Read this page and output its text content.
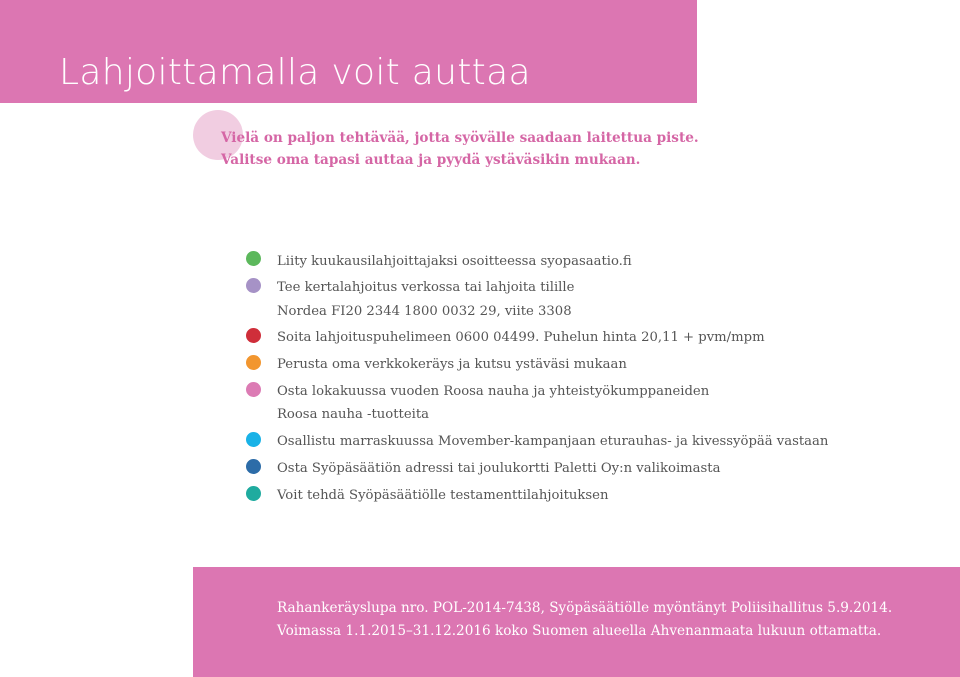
Lahjoittamalla voit auttaa
Vielä on paljon tehtävää, jotta syövälle saadaan laitettua piste.
Valitse oma tapasi auttaa ja pyydä ystäväsikin mukaan.
Liity kuukausilahjoittajaksi osoitteessa syopasaatio.fi
Tee kertalahjoitus verkossa tai lahjoita tilille
Nordea FI20 2344 1800 0032 29, viite 3308
Soita lahjoituspuhelimeen 0600 04499. Puhelun hinta 20,11 + pvm/mpm
Perusta oma verkkokeräys ja kutsu ystäväsi mukaan
Osta lokakuussa vuoden Roosa nauha ja yhteistyökumppaneiden
Roosa nauha -tuotteita
Osallistu marraskuussa Movember-kampanjaan eturauhas- ja kivessyöpää vastaan
Osta Syöpäsäätiön adressi tai joulukortti Paletti Oy:n valikoimasta
Voit tehdä Syöpäsäätiölle testamenttilahjoituksen
Rahankeräyslupa nro. POL-2014-7438, Syöpäsäätiölle myöntänyt Poliisihallitus 5.9.2014.
Voimassa 1.1.2015–31.12.2016 koko Suomen alueella Ahvenanmaata lukuun ottamatta.
